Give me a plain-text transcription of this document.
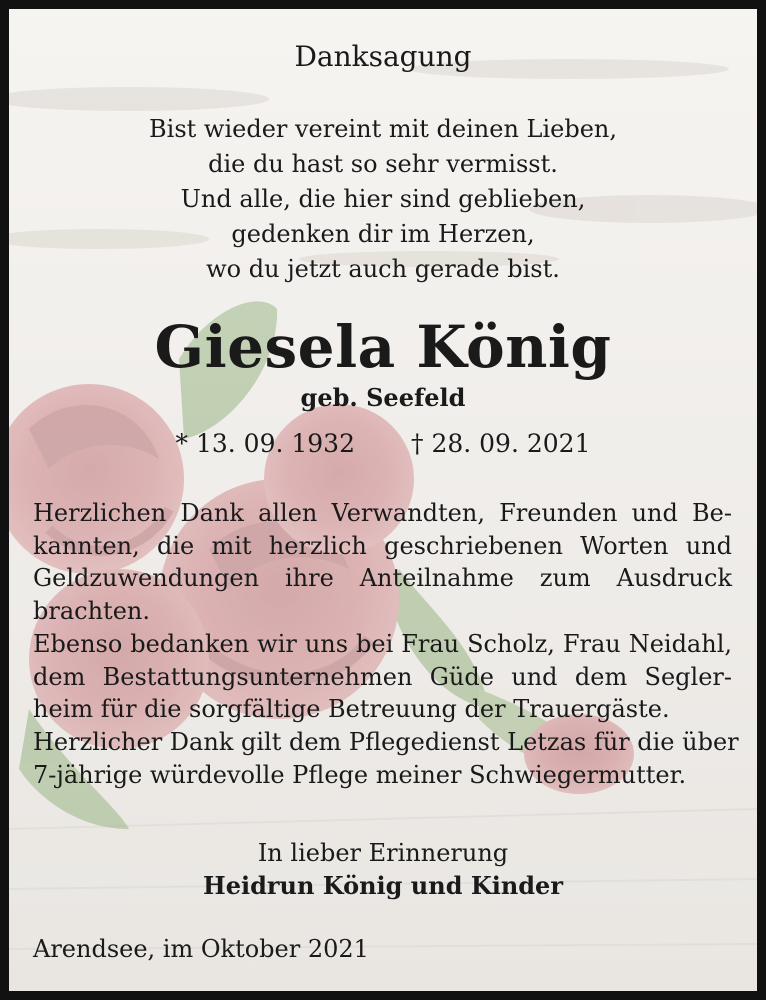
Danksagung
Bist wieder vereint mit deinen Lieben,
die du hast so sehr vermisst.
Und alle, die hier sind geblieben,
gedenken dir im Herzen,
wo du jetzt auch gerade bist.
Giesela König
geb. Seefeld
* 13. 09. 1932 † 28. 09. 2021
Herzlichen Dank allen Verwandten, Freunden und Be-
kannten, die mit herzlich geschriebenen Worten und
Geldzuwendungen ihre Anteilnahme zum Ausdruck
brachten.
Ebenso bedanken wir uns bei Frau Scholz, Frau Neidahl,
dem Bestattungsunternehmen Güde und dem Segler-
heim für die sorgfältige Betreuung der Trauergäste.
Herzlicher Dank gilt dem Pflegedienst Letzas für die über
7-jährige würdevolle Pflege meiner Schwiegermutter.
In lieber Erinnerung
Heidrun König und Kinder
Arendsee, im Oktober 2021
